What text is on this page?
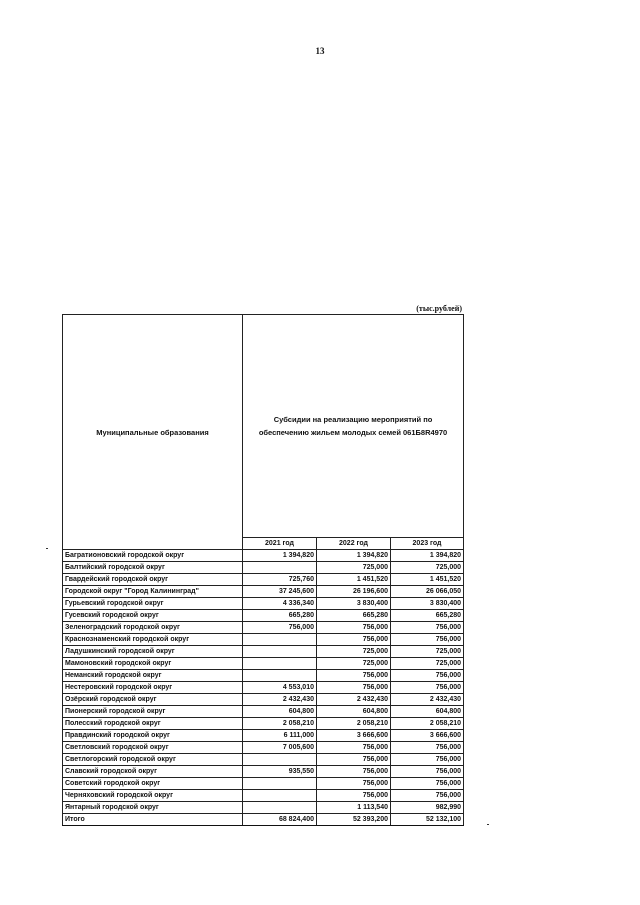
13
(тыс.рублей)
Муниципальные образования	Субсидии на реализацию мероприятий по обеспечению жильем молодых семей 061Б8R4970		
	2021 год	2022 год	2023 год
Багратионовский городской округ	1 394,820	1 394,820	1 394,820
Балтийский городской округ		725,000	725,000
Гвардейский городской округ	725,760	1 451,520	1 451,520
Городской округ "Город Калининград"	37 245,600	26 196,600	26 066,050
Гурьевский городской округ	4 336,340	3 830,400	3 830,400
Гусевский городской округ	665,280	665,280	665,280
Зеленоградский городской округ	756,000	756,000	756,000
Краснознаменский городской округ		756,000	756,000
Ладушкинский городской округ		725,000	725,000
Мамоновский городской округ		725,000	725,000
Неманский городской округ		756,000	756,000
Нестеровский городской округ	4 553,010	756,000	756,000
Озёрский городской округ	2 432,430	2 432,430	2 432,430
Пионерский городской округ	604,800	604,800	604,800
Полесский городской округ	2 058,210	2 058,210	2 058,210
Правдинский городской округ	6 111,000	3 666,600	3 666,600
Светловский городской округ	7 005,600	756,000	756,000
Светлогорский городской округ		756,000	756,000
Славский городской округ	935,550	756,000	756,000
Советский городской округ		756,000	756,000
Черняховский городской округ		756,000	756,000
Янтарный городской округ		1 113,540	982,990
Итого	68 824,400	52 393,200	52 132,100
